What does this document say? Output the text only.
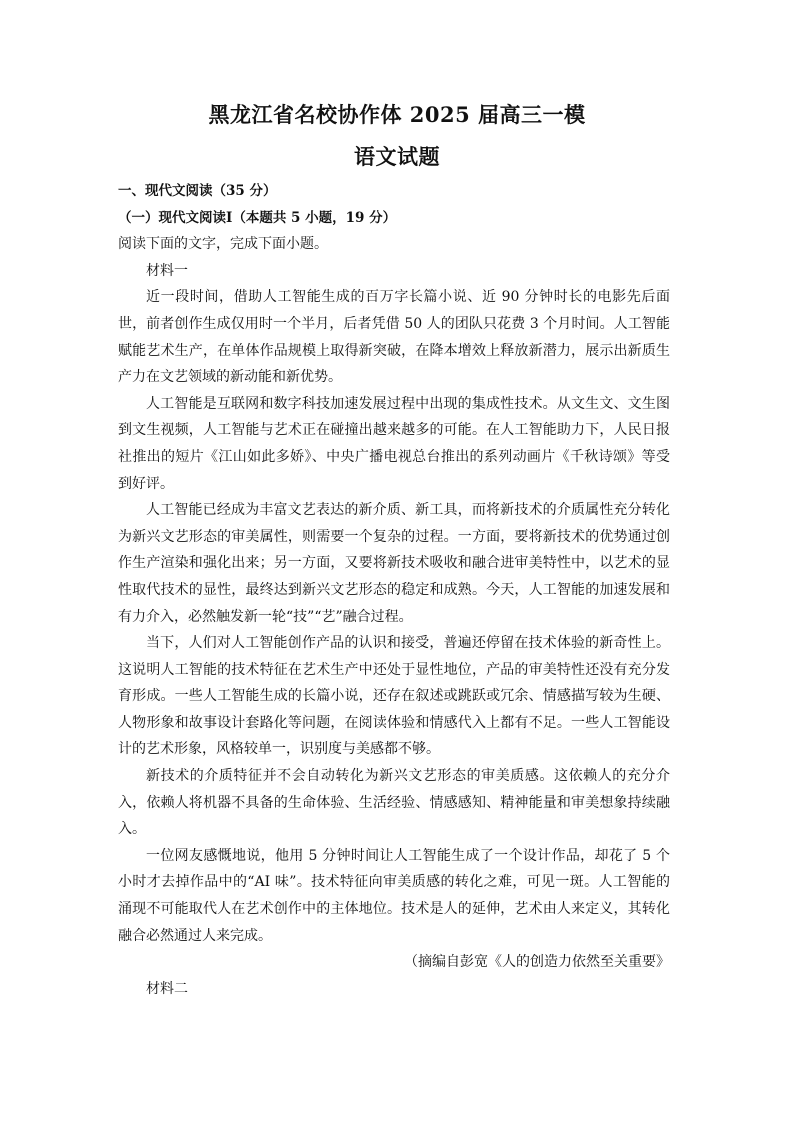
黑龙江省名校协作体 2025 届高三一模
语文试题

一、现代文阅读（35 分）

（一）现代文阅读Ⅰ（本题共 5 小题，19 分）

阅读下面的文字，完成下面小题。

材料一

近一段时间，借助人工智能生成的百万字长篇小说、近 90 分钟时长的电影先后面世，前者创作生成仅用时一个半月，后者凭借 50 人的团队只花费 3 个月时间。人工智能赋能艺术生产，在单体作品规模上取得新突破，在降本增效上释放新潜力，展示出新质生产力在文艺领域的新动能和新优势。

人工智能是互联网和数字科技加速发展过程中出现的集成性技术。从文生文、文生图到文生视频，人工智能与艺术正在碰撞出越来越多的可能。在人工智能助力下，人民日报社推出的短片《江山如此多娇》、中央广播电视总台推出的系列动画片《千秋诗颂》等受到好评。

人工智能已经成为丰富文艺表达的新介质、新工具，而将新技术的介质属性充分转化为新兴文艺形态的审美属性，则需要一个复杂的过程。一方面，要将新技术的优势通过创作生产渲染和强化出来；另一方面，又要将新技术吸收和融合进审美特性中，以艺术的显性取代技术的显性，最终达到新兴文艺形态的稳定和成熟。今天，人工智能的加速发展和有力介入，必然触发新一轮“技”“艺”融合过程。

当下，人们对人工智能创作产品的认识和接受，普遍还停留在技术体验的新奇性上。这说明人工智能的技术特征在艺术生产中还处于显性地位，产品的审美特性还没有充分发育形成。一些人工智能生成的长篇小说，还存在叙述或跳跃或冗余、情感描写较为生硬、人物形象和故事设计套路化等问题，在阅读体验和情感代入上都有不足。一些人工智能设计的艺术形象，风格较单一，识别度与美感都不够。

新技术的介质特征并不会自动转化为新兴文艺形态的审美质感。这依赖人的充分介入，依赖人将机器不具备的生命体验、生活经验、情感感知、精神能量和审美想象持续融入。

一位网友感慨地说，他用 5 分钟时间让人工智能生成了一个设计作品，却花了 5 个小时才去掉作品中的“AI 味”。技术特征向审美质感的转化之难，可见一斑。人工智能的涌现不可能取代人在艺术创作中的主体地位。技术是人的延伸，艺术由人来定义，其转化融合必然通过人来完成。

（摘编自彭宽《人的创造力依然至关重要》

材料二
